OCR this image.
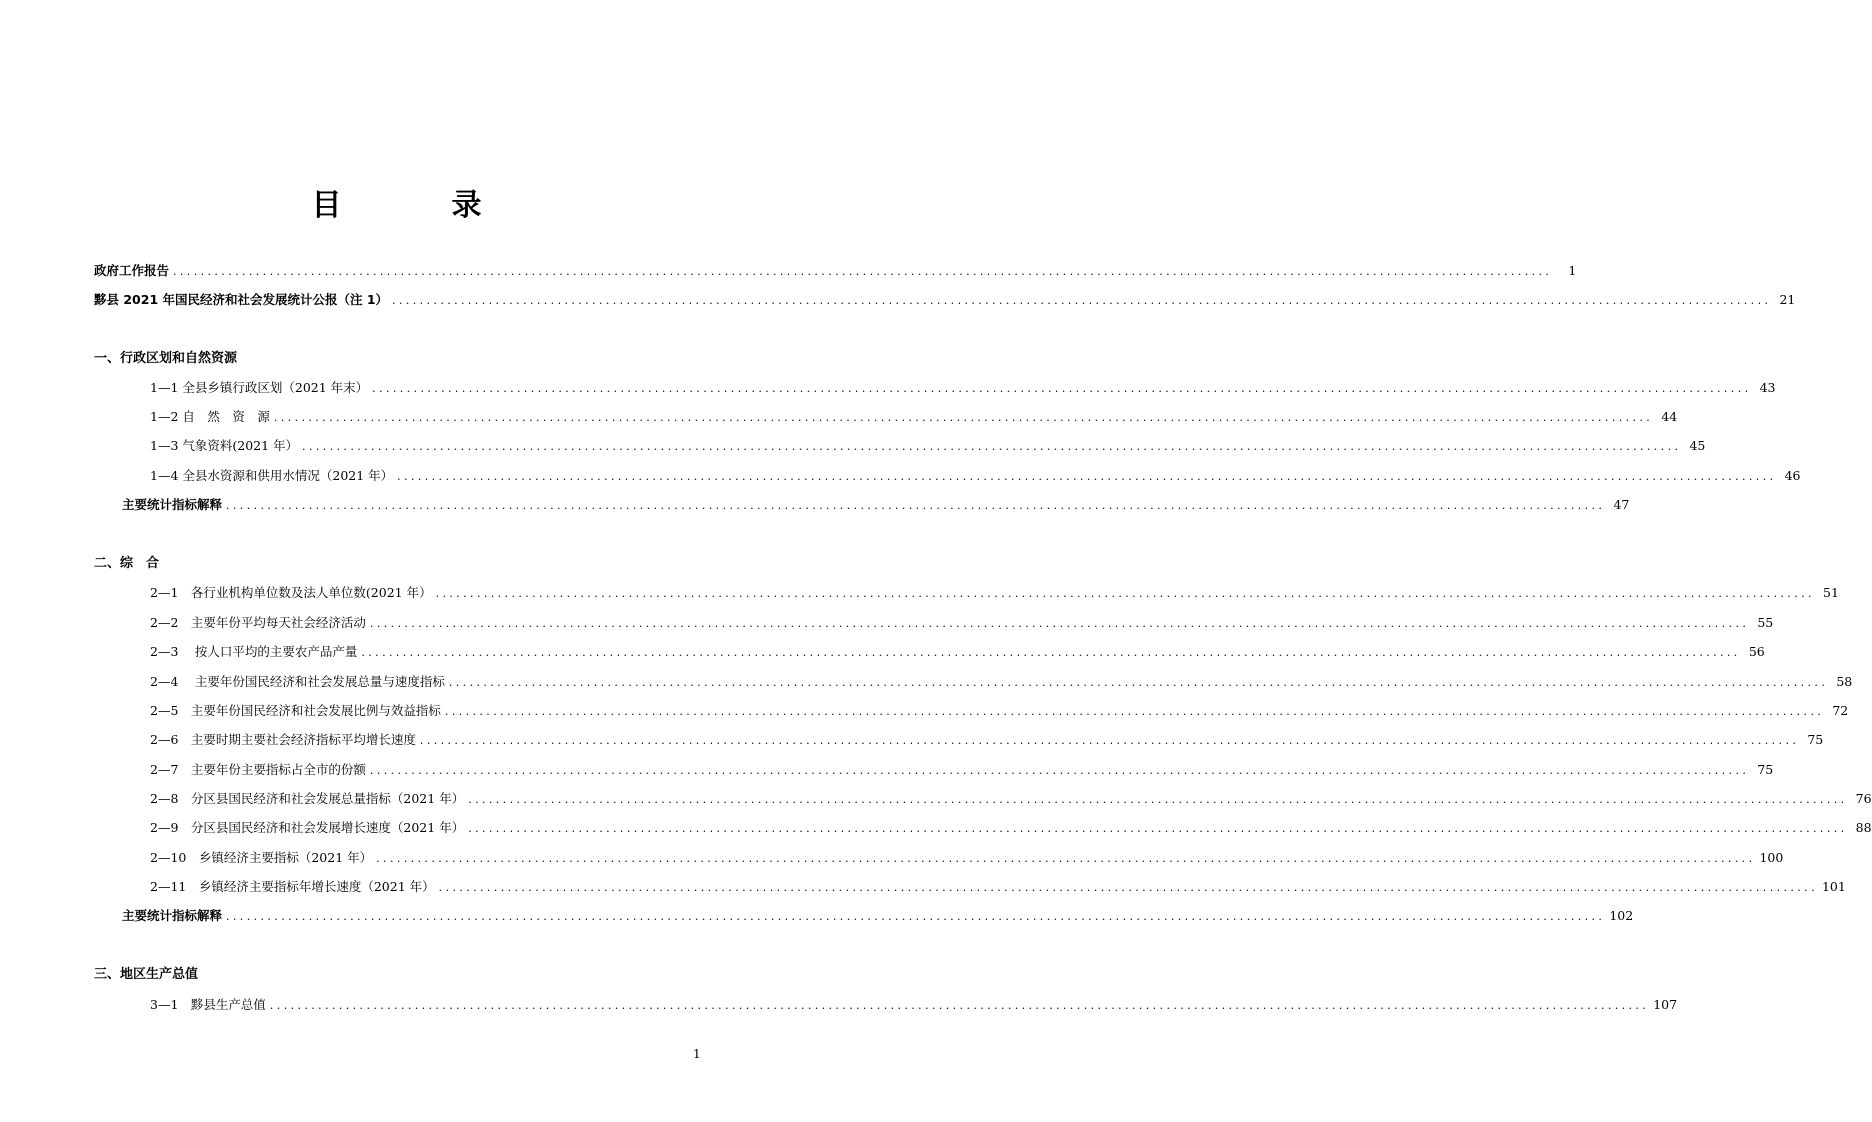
目　录
政府工作报告 ........................................................................................................................................................................................................	1
黟县 2021 年国民经济和社会发展统计公报（注 1） ........................................................................................................................................................................................................ 21
一、行政区划和自然资源
1—1 全县乡镇行政区划（2021 年末） ........................................................................................................................................................................................................ 43
1—2 自　然　资　源 ........................................................................................................................................................................................................ 44
1—3 气象资料(2021 年） ........................................................................................................................................................................................................ 45
1—4 全县水资源和供用水情况（2021 年） ........................................................................................................................................................................................................ 46
主要统计指标解释 ........................................................................................................................................................................................................ 47
二、综　合
2—1　各行业机构单位数及法人单位数(2021 年） ........................................................................................................................................................................................................ 51
2—2　主要年份平均每天社会经济活动 ........................................................................................................................................................................................................ 55
2—3　 按人口平均的主要农产品产量 ........................................................................................................................................................................................................ 56
2—4　 主要年份国民经济和社会发展总量与速度指标 ........................................................................................................................................................................................................ 58
2—5　主要年份国民经济和社会发展比例与效益指标 ........................................................................................................................................................................................................ 72
2—6　主要时期主要社会经济指标平均增长速度 ........................................................................................................................................................................................................ 75
2—7　主要年份主要指标占全市的份额 ........................................................................................................................................................................................................ 75
2—8　分区县国民经济和社会发展总量指标（2021 年） ........................................................................................................................................................................................................ 76
2—9　分区县国民经济和社会发展增长速度（2021 年） ........................................................................................................................................................................................................ 88
2—10　乡镇经济主要指标（2021 年） ........................................................................................................................................................................................................ 100
2—11　乡镇经济主要指标年增长速度（2021 年） ........................................................................................................................................................................................................ 101
主要统计指标解释 ........................................................................................................................................................................................................ 102
三、地区生产总值
3—1　黟县生产总值 ........................................................................................................................................................................................................ 107
1
